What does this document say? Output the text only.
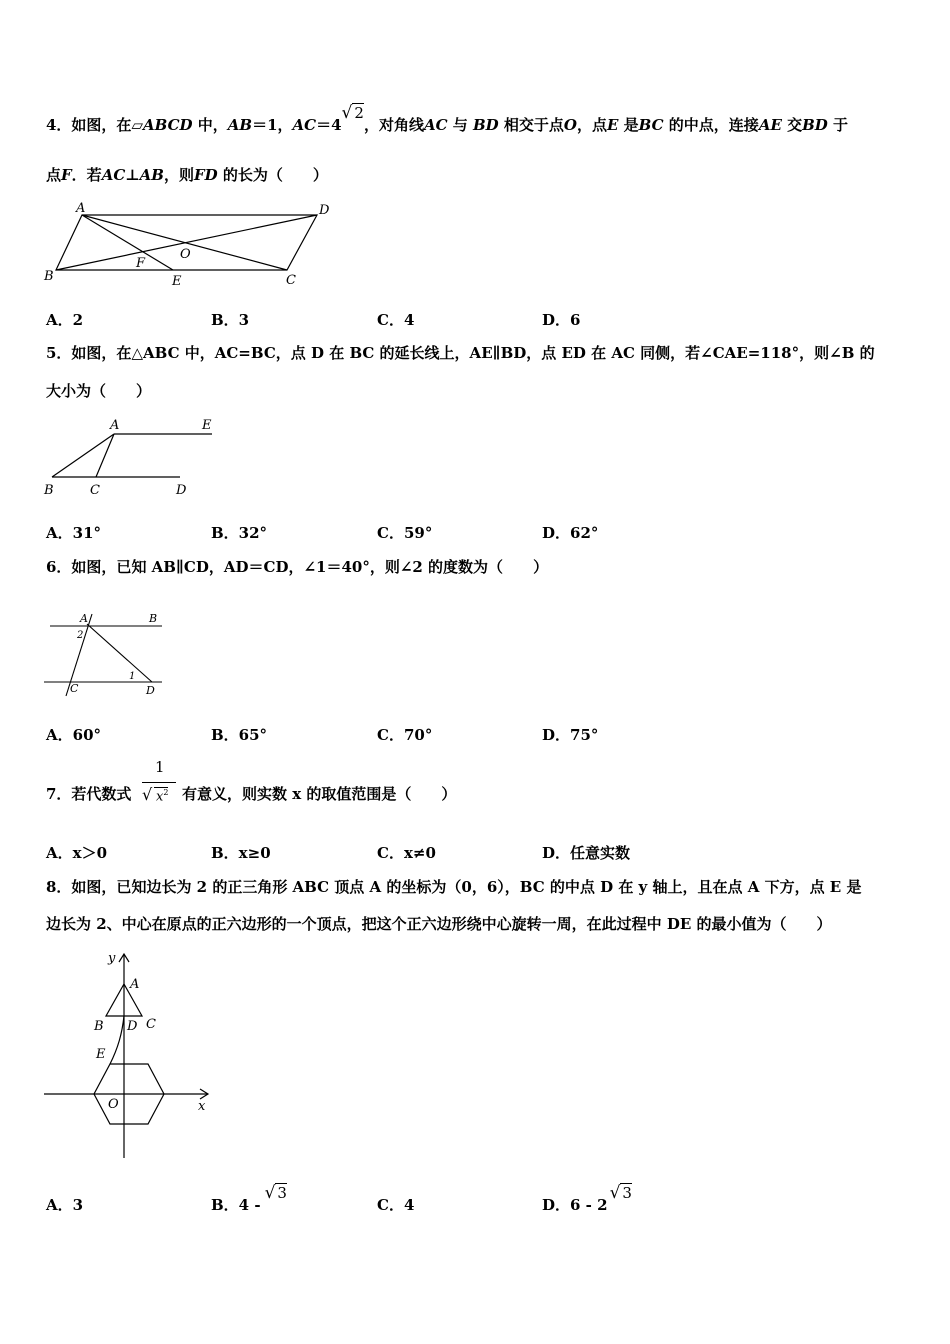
4．如图，在▱ABCD 中，AB＝1，AC＝4√ 2，对角线AC 与 BD 相交于点O，点E 是BC 的中点，连接AE 交BD 于
点F．若AC⊥AB，则FD 的长为（　　）
A	D
B	C
O
F
E
A．2	B．3	C．4	D．6
5．如图，在△ABC 中，AC=BC，点 D 在 BC 的延长线上，AE∥BD，点 ED 在 AC 同侧，若∠CAE=118°，则∠B 的
大小为（　　）
A	E
B	C	D
A．31°	B．32°	C．59°	D．62°
6．如图，已知 AB∥CD，AD＝CD，∠1＝40°，则∠2 的度数为（　　）
A	B
C	D
1
2
A．60°	B．65°	C．70°	D．75°
7．若代数式
1
√ $x^2$ 有意义，则实数 x 的取值范围是（　　）
A．x＞0	B．x≥0	C．x≠0	D．任意实数
8．如图，已知边长为 2 的正三角形 ABC 顶点 A 的坐标为（0，6），BC 的中点 D 在 y 轴上，且在点 A 下方，点 E 是
边长为 2、中心在原点的正六边形的一个顶点，把这个正六边形绕中心旋转一周，在此过程中 DE 的最小值为（　　）
y
x
A
B	C
D
E
O
A．3	B．4 -√ 3
C．4	D．6 - 2√ 3
